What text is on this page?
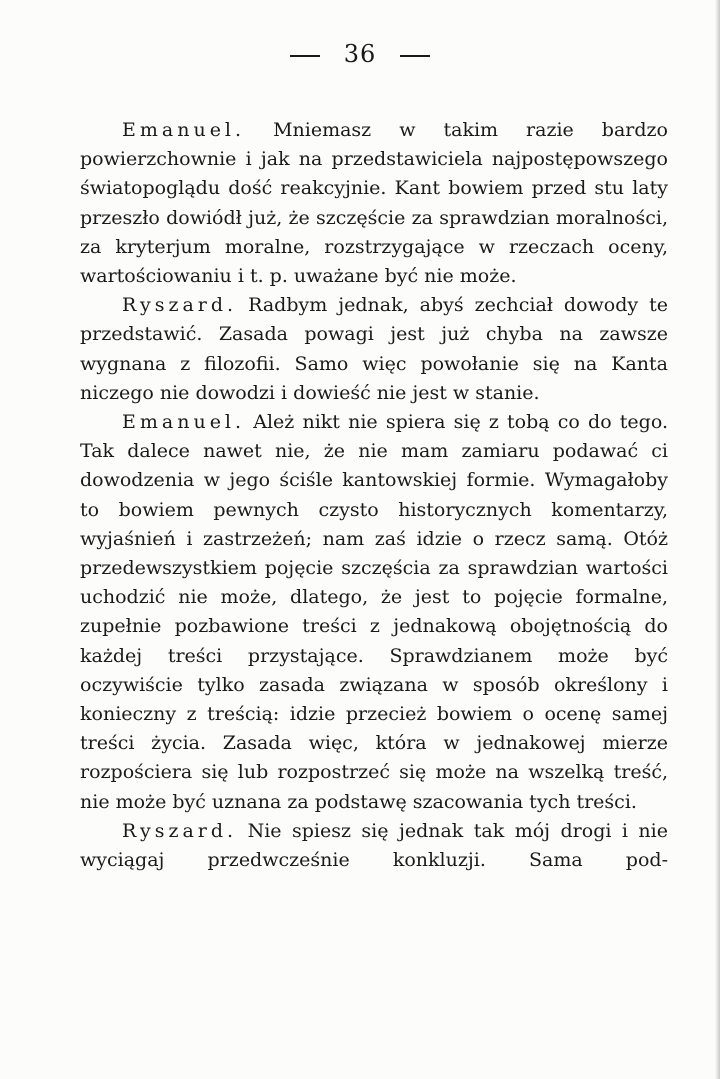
36

Emanuel. Mniemasz w takim razie bardzo powierzchownie i jak na przedstawiciela najpostępowszego światopoglądu dość reakcyjnie. Kant bowiem przed stu laty przeszło dowiódł już, że szczęście za sprawdzian moralności, za kryterjum moralne, rozstrzygające w rzeczach oceny, wartościowaniu i t. p. uważane być nie może.

Ryszard. Radbym jednak, abyś zechciał dowody te przedstawić. Zasada powagi jest już chyba na zawsze wygnana z filozofii. Samo więc powołanie się na Kanta niczego nie dowodzi i dowieść nie jest w stanie.

Emanuel. Ależ nikt nie spiera się z tobą co do tego. Tak dalece nawet nie, że nie mam zamiaru podawać ci dowodzenia w jego ściśle kantowskiej formie. Wymagałoby to bowiem pewnych czysto historycznych komentarzy, wyjaśnień i zastrzeżeń; nam zaś idzie o rzecz samą. Otóż przedewszystkiem pojęcie szczęścia za sprawdzian wartości uchodzić nie może, dlatego, że jest to pojęcie formalne, zupełnie pozbawione treści z jednakową obojętnością do każdej treści przystające. Sprawdzianem może być oczywiście tylko zasada związana w sposób określony i konieczny z treścią: idzie przecież bowiem o ocenę samej treści życia. Zasada więc, która w jednakowej mierze rozpościera się lub rozpostrzeć się może na wszelką treść, nie może być uznana za podstawę szacowania tych treści.

Ryszard. Nie spiesz się jednak tak mój drogi i nie wyciągaj przedwcześnie konkluzji. Sama pod-
